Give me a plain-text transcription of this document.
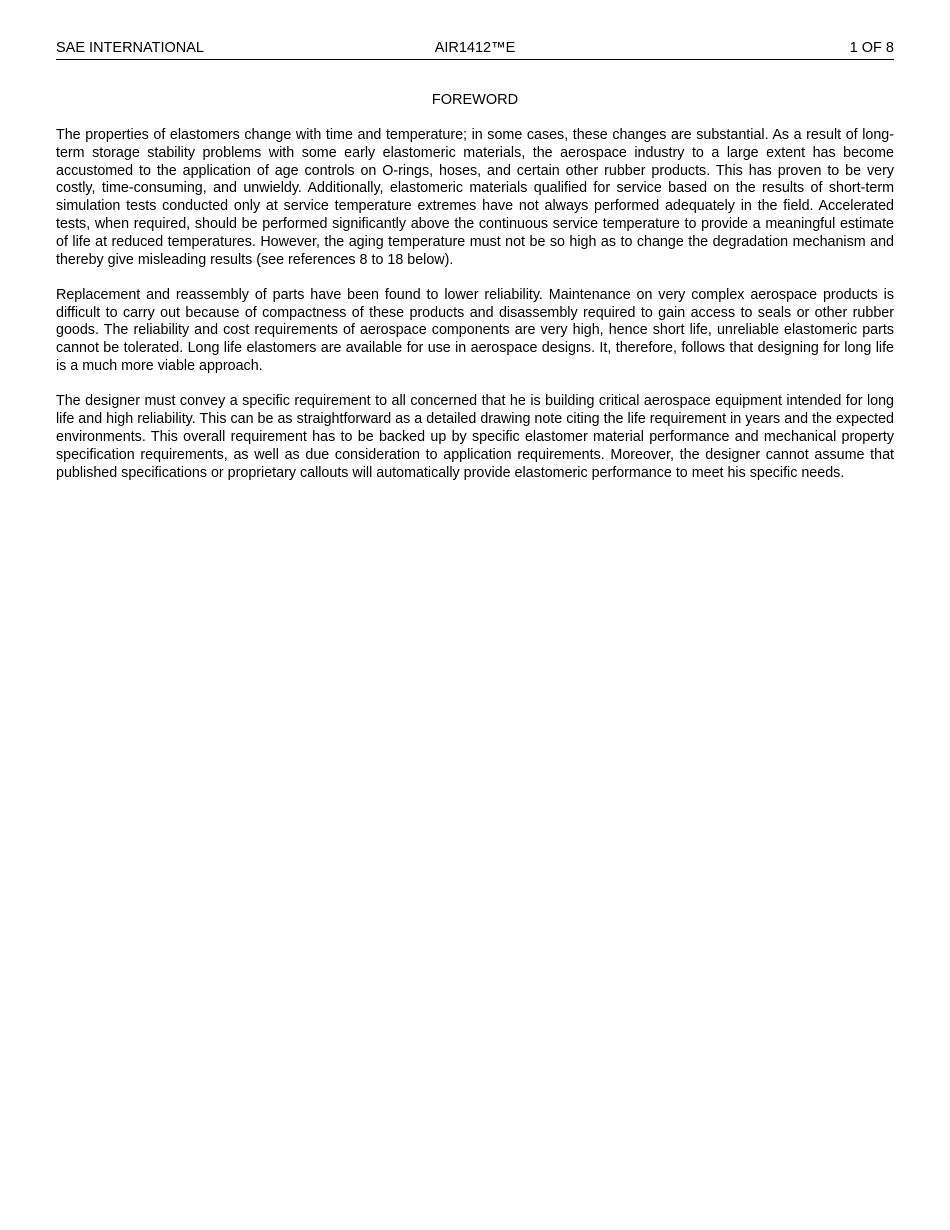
SAE INTERNATIONAL	AIR1412™E	1 OF 8
FOREWORD

The properties of elastomers change with time and temperature; in some cases, these changes are substantial. As a result of long-term storage stability problems with some early elastomeric materials, the aerospace industry to a large extent has become accustomed to the application of age controls on O-rings, hoses, and certain other rubber products. This has proven to be very costly, time-consuming, and unwieldy. Additionally, elastomeric materials qualified for service based on the results of short-term simulation tests conducted only at service temperature extremes have not always performed adequately in the field. Accelerated tests, when required, should be performed significantly above the continuous service temperature to provide a meaningful estimate of life at reduced temperatures. However, the aging temperature must not be so high as to change the degradation mechanism and thereby give misleading results (see references 8 to 18 below).

Replacement and reassembly of parts have been found to lower reliability. Maintenance on very complex aerospace products is difficult to carry out because of compactness of these products and disassembly required to gain access to seals or other rubber goods. The reliability and cost requirements of aerospace components are very high, hence short life, unreliable elastomeric parts cannot be tolerated. Long life elastomers are available for use in aerospace designs. It, therefore, follows that designing for long life is a much more viable approach.

The designer must convey a specific requirement to all concerned that he is building critical aerospace equipment intended for long life and high reliability. This can be as straightforward as a detailed drawing note citing the life requirement in years and the expected environments. This overall requirement has to be backed up by specific elastomer material performance and mechanical property specification requirements, as well as due consideration to application requirements. Moreover, the designer cannot assume that published specifications or proprietary callouts will automatically provide elastomeric performance to meet his specific needs.
